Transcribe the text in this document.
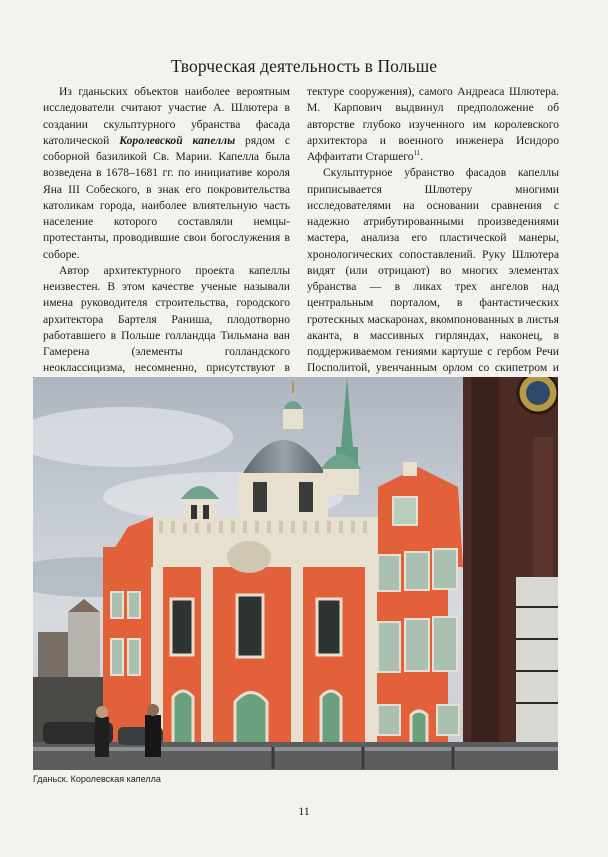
Творческая деятельность в Польше

Из гданьских объектов наиболее вероятным исследователи считают участие А. Шлютера в создании скульптурного убранства фасада католической Королевской капеллы рядом с соборной базиликой Св. Марии. Капелла была возведена в 1678–1681 гг. по инициативе короля Яна III Собеского, в знак его покровительства католикам города, наиболее влиятельную часть население которого составляли немцы-протестанты, проводившие свои богослужения в соборе.

Автор архитектурного проекта капеллы неизвестен. В этом качестве ученые называли имена руководителя строительства, городского архитектора Бартеля Ранишa, плодотворно работавшего в Польше голландца Тильмана ван Гамерена (элементы голландского неоклассицизма, несомненно, присутствуют в

тектуре сооружения), самого Андреаса Шлютера. М. Карпович выдвинул предположение об авторстве глубоко изученного им королевского архитектора и военного инженера Исидоро Аффаитати Старшего$^{11}$.

Скульптурное убранство фасадов капеллы приписывается Шлютеру многими исследователями на основании сравнения с надежно атрибутированными произведениями мастера, анализа его пластической манеры, хронологических сопоставлений. Руку Шлютера видят (или отрицают) во многих элементах убранства — в ликах трех ангелов над центральным порталом, в фантастических гротескных маскаронах, вкомпонованных в листья аканта, в массивных гирляндах, наконец, в поддерживаемом гениями картуше с гербом Речи Посполитой, увенчанным орлом со скипетром и

Гданьск. Королевская капелла
11
